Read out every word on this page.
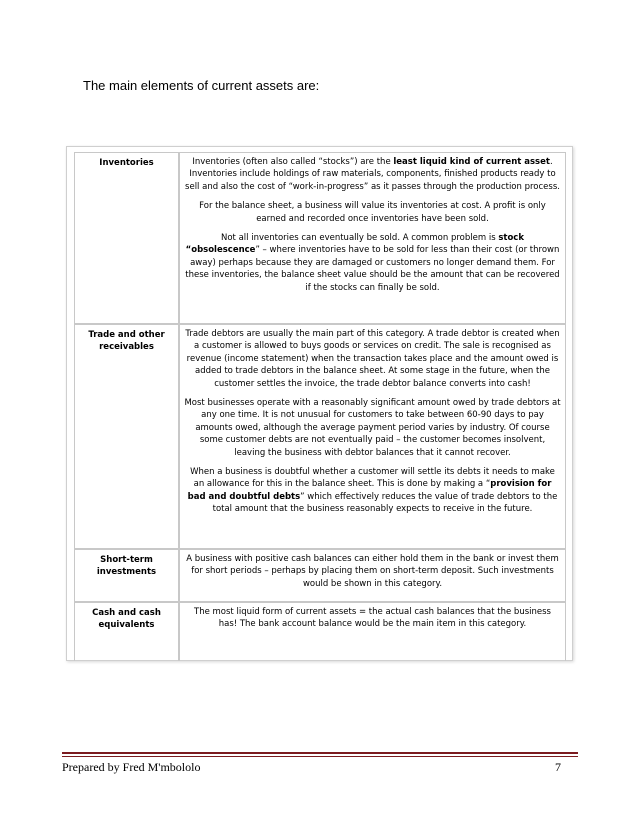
The main elements of current assets are:
Inventories	Inventories (often also called “stocks”) are the least liquid kind of current asset. Inventories include holdings of raw materials, components, finished products ready to sell and also the cost of “work-in-progress” as it passes through the production process.

For the balance sheet, a business will value its inventories at cost. A profit is only earned and recorded once inventories have been sold.

Not all inventories can eventually be sold. A common problem is stock “obsolescence” – where inventories have to be sold for less than their cost (or thrown away) perhaps because they are damaged or customers no longer demand them. For these inventories, the balance sheet value should be the amount that can be recovered if the stocks can finally be sold.

Trade and other receivables	Trade debtors are usually the main part of this category. A trade debtor is created when a customer is allowed to buys goods or services on credit. The sale is recognised as revenue (income statement) when the transaction takes place and the amount owed is added to trade debtors in the balance sheet. At some stage in the future, when the customer settles the invoice, the trade debtor balance converts into cash!

Most businesses operate with a reasonably significant amount owed by trade debtors at any one time. It is not unusual for customers to take between 60-90 days to pay amounts owed, although the average payment period varies by industry. Of course some customer debts are not eventually paid – the customer becomes insolvent, leaving the business with debtor balances that it cannot recover.

When a business is doubtful whether a customer will settle its debts it needs to make an allowance for this in the balance sheet. This is done by making a “provision for bad and doubtful debts” which effectively reduces the value of trade debtors to the total amount that the business reasonably expects to receive in the future.

Short-term investments	A business with positive cash balances can either hold them in the bank or invest them for short periods – perhaps by placing them on short-term deposit. Such investments would be shown in this category.

Cash and cash equivalents	The most liquid form of current assets = the actual cash balances that the business has! The bank account balance would be the main item in this category.

Prepared by Fred M'mbololo	7
